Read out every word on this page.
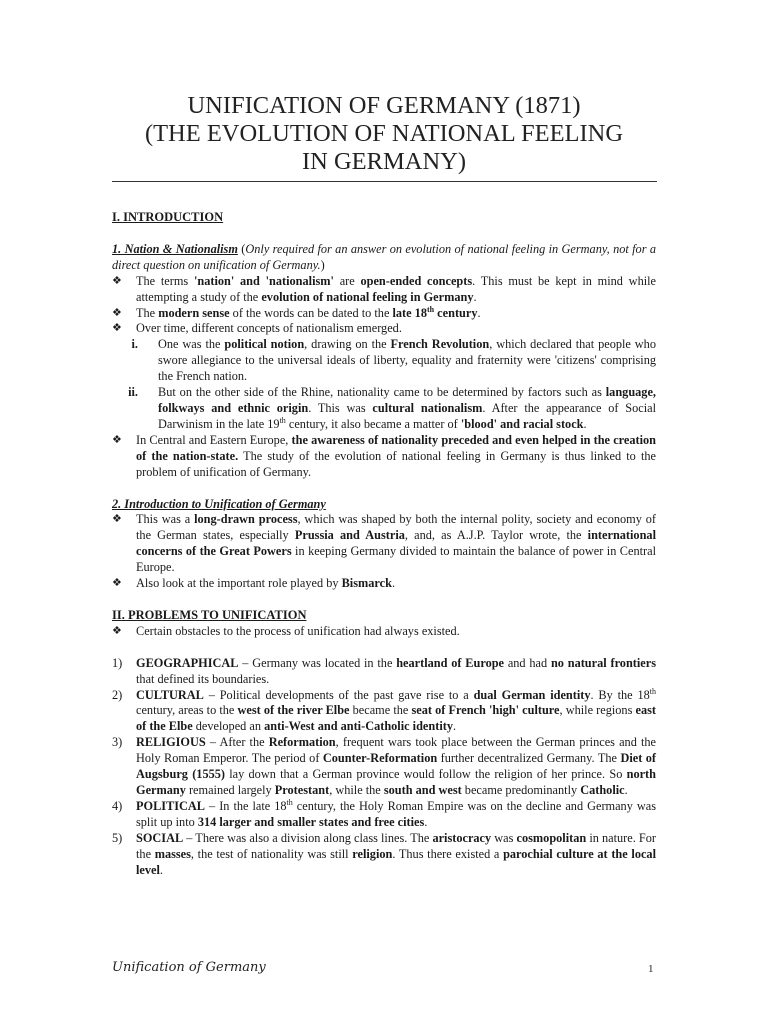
UNIFICATION OF GERMANY (1871)
(THE EVOLUTION OF NATIONAL FEELING
IN GERMANY)

I. INTRODUCTION

1. Nation & Nationalism (Only required for an answer on evolution of national feeling in Germany, not for a direct question on unification of Germany.)

❖ The terms 'nation' and 'nationalism' are open-ended concepts. This must be kept in mind while attempting a study of the evolution of national feeling in Germany.
❖ The modern sense of the words can be dated to the late 18th century.
❖ Over time, different concepts of nationalism emerged.
i. One was the political notion, drawing on the French Revolution, which declared that people who swore allegiance to the universal ideals of liberty, equality and fraternity were 'citizens' comprising the French nation.
ii. But on the other side of the Rhine, nationality came to be determined by factors such as language, folkways and ethnic origin. This was cultural nationalism. After the appearance of Social Darwinism in the late 19th century, it also became a matter of 'blood' and racial stock.
❖ In Central and Eastern Europe, the awareness of nationality preceded and even helped in the creation of the nation-state. The study of the evolution of national feeling in Germany is thus linked to the problem of unification of Germany.

2. Introduction to Unification of Germany

❖ This was a long-drawn process, which was shaped by both the internal polity, society and economy of the German states, especially Prussia and Austria, and, as A.J.P. Taylor wrote, the international concerns of the Great Powers in keeping Germany divided to maintain the balance of power in Central Europe.
❖ Also look at the important role played by Bismarck.

II. PROBLEMS TO UNIFICATION

❖ Certain obstacles to the process of unification had always existed.
1) GEOGRAPHICAL – Germany was located in the heartland of Europe and had no natural frontiers that defined its boundaries.
2) CULTURAL – Political developments of the past gave rise to a dual German identity. By the 18th century, areas to the west of the river Elbe became the seat of French 'high' culture, while regions east of the Elbe developed an anti-West and anti-Catholic identity.
3) RELIGIOUS – After the Reformation, frequent wars took place between the German princes and the Holy Roman Emperor. The period of Counter-Reformation further decentralized Germany. The Diet of Augsburg (1555) lay down that a German province would follow the religion of her prince. So north Germany remained largely Protestant, while the south and west became predominantly Catholic.
4) POLITICAL – In the late 18th century, the Holy Roman Empire was on the decline and Germany was split up into 314 larger and smaller states and free cities.
5) SOCIAL – There was also a division along class lines. The aristocracy was cosmopolitan in nature. For the masses, the test of nationality was still religion. Thus there existed a parochial culture at the local level.
Unification of Germany	1
